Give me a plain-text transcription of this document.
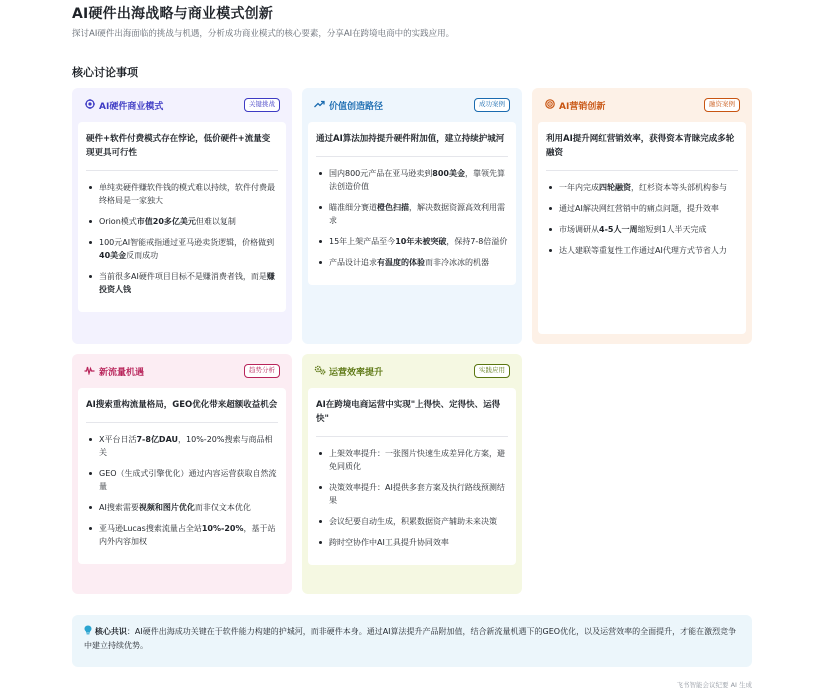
AI硬件出海战略与商业模式创新
探讨AI硬件出海面临的挑战与机遇，分析成功商业模式的核心要素，分享AI在跨境电商中的实践应用。
核心讨论事项
AI硬件商业模式	关键挑战
硬件+软件付费模式存在悖论，低价硬件+流量变现更具可行性
单纯卖硬件赚软件钱的模式难以持续，软件付费最终格局是一家独大
Orion模式市值20多亿美元但难以复制
100元AI智能戒指通过亚马逊卖货逻辑，价格做到40美金反而成功
当前很多AI硬件项目目标不是赚消费者钱，而是赚投资人钱
价值创造路径	成功案例
通过AI算法加持提升硬件附加值，建立持续护城河
国内800元产品在亚马逊卖到800美金，靠领先算法创造价值
瞄准细分赛道橙色扫描，解决数据资源高效利用需求
15年上架产品至今10年未被突破，保持7-8倍溢价
产品设计追求有温度的体验而非冷冰冰的机器
AI营销创新	融资案例
利用AI提升网红营销效率，获得资本青睐完成多轮融资
一年内完成四轮融资，红杉资本等头部机构参与
通过AI解决网红营销中的痛点问题，提升效率
市场调研从4-5人一周缩短到1人半天完成
达人建联等重复性工作通过AI代理方式节省人力
新流量机遇	趋势分析
AI搜索重构流量格局，GEO优化带来超额收益机会
X平台日活7-8亿DAU，10%-20%搜索与商品相关
GEO（生成式引擎优化）通过内容运营获取自然流量
AI搜索需要视频和图片优化而非仅文本优化
亚马逊Lucas搜索流量占全站10%-20%，基于站内外内容加权
运营效率提升	实践应用
AI在跨境电商运营中实现"上得快、定得快、运得快"
上架效率提升：一张图片快速生成差异化方案，避免同质化
决策效率提升：AI提供多套方案及执行路线预测结果
会议纪要自动生成，积累数据资产辅助未来决策
跨时空协作中AI工具提升协同效率
核心共识：AI硬件出海成功关键在于软件能力构建的护城河，而非硬件本身。通过AI算法提升产品附加值，结合新流量机遇下的GEO优化，以及运营效率的全面提升，才能在激烈竞争中建立持续优势。
飞书智能会议纪要 AI 生成
